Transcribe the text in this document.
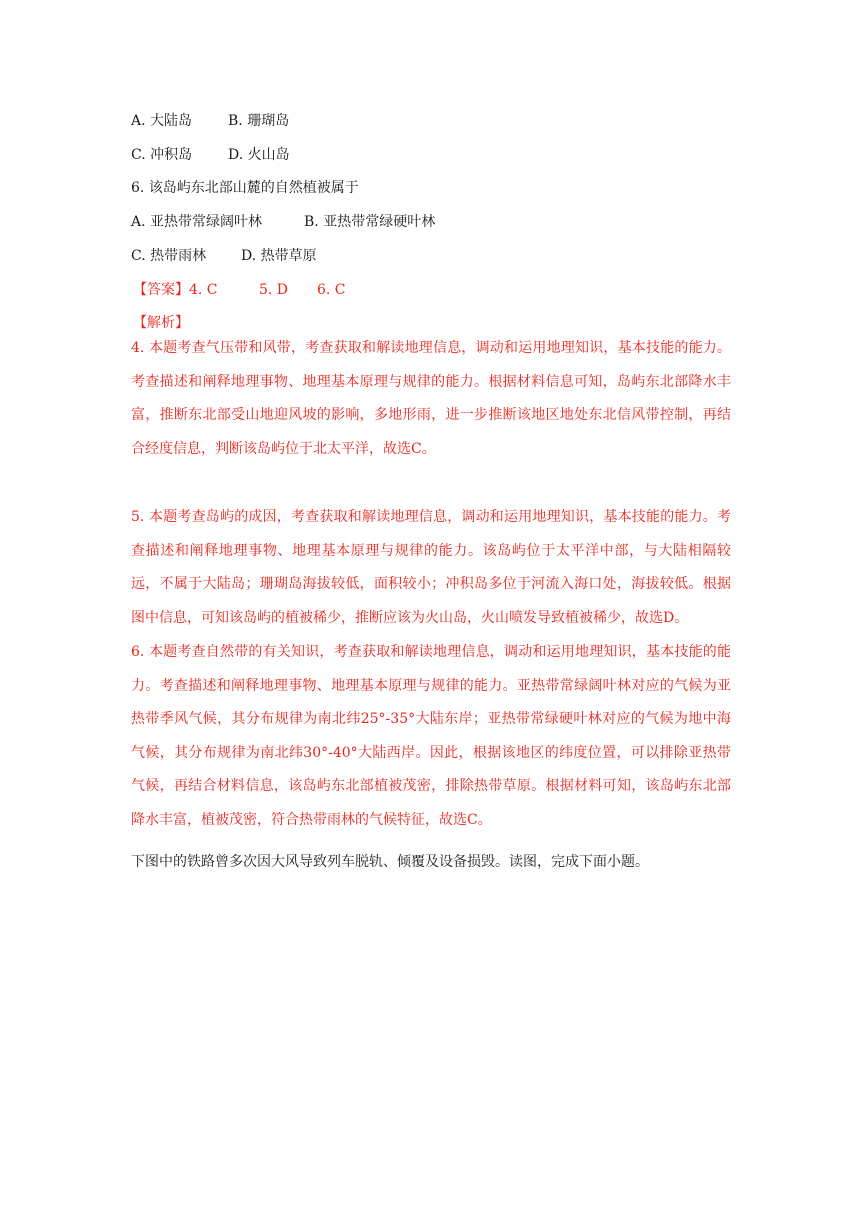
A. 大陆岛	B. 珊瑚岛
C. 冲积岛	D. 火山岛
6. 该岛屿东北部山麓的自然植被属于
A. 亚热带常绿阔叶林	B. 亚热带常绿硬叶林
C. 热带雨林 D. 热带草原
【答案】4. C	5. D 6. C
【解析】

4. 本题考查气压带和风带，考查获取和解读地理信息，调动和运用地理知识，基本技能的能力。考查描述和阐释地理事物、地理基本原理与规律的能力。根据材料信息可知，岛屿东北部降水丰富，推断东北部受山地迎风坡的影响，多地形雨，进一步推断该地区地处东北信风带控制，再结合经度信息，判断该岛屿位于北太平洋，故选C。

5. 本题考查岛屿的成因，考查获取和解读地理信息，调动和运用地理知识，基本技能的能力。考查描述和阐释地理事物、地理基本原理与规律的能力。该岛屿位于太平洋中部，与大陆相隔较远，不属于大陆岛；珊瑚岛海拔较低，面积较小；冲积岛多位于河流入海口处，海拔较低。根据图中信息，可知该岛屿的植被稀少，推断应该为火山岛，火山喷发导致植被稀少，故选D。

6. 本题考查自然带的有关知识，考查获取和解读地理信息，调动和运用地理知识，基本技能的能力。考查描述和阐释地理事物、地理基本原理与规律的能力。亚热带常绿阔叶林对应的气候为亚热带季风气候，其分布规律为南北纬25°-35°大陆东岸；亚热带常绿硬叶林对应的气候为地中海气候，其分布规律为南北纬30°-40°大陆西岸。因此，根据该地区的纬度位置，可以排除亚热带气候，再结合材料信息，该岛屿东北部植被茂密，排除热带草原。根据材料可知，该岛屿东北部降水丰富，植被茂密，符合热带雨林的气候特征，故选C。

下图中的铁路曾多次因大风导致列车脱轨、倾覆及设备损毁。读图，完成下面小题。
